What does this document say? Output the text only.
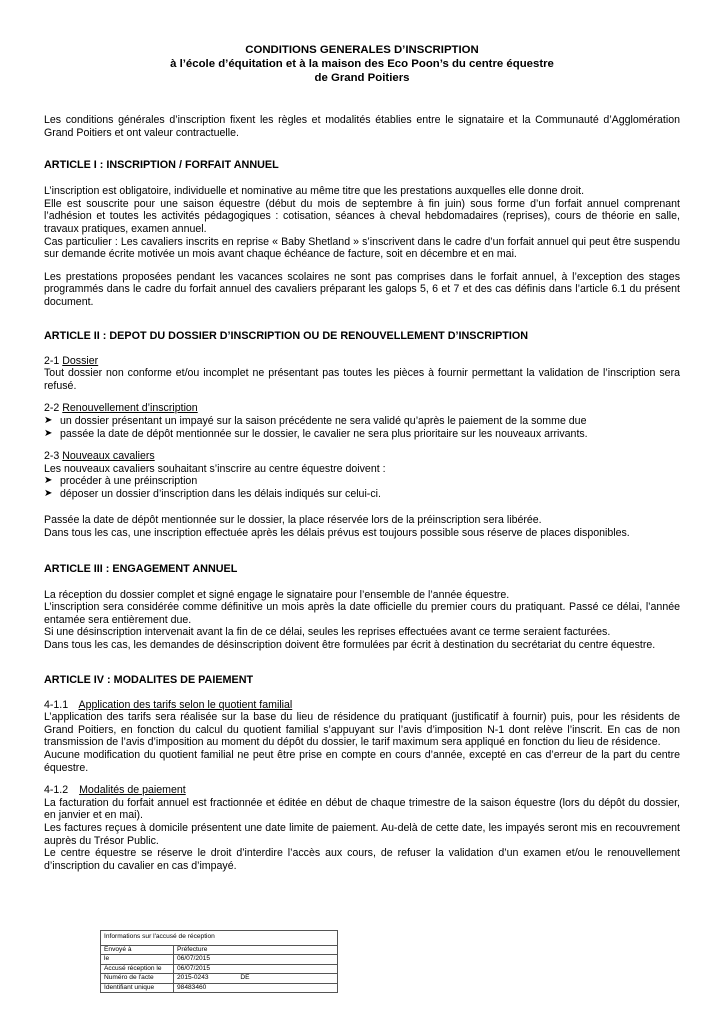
CONDITIONS GENERALES D’INSCRIPTION
à l’école d’équitation et à la maison des Eco Poon’s du centre équestre
de Grand Poitiers

Les conditions générales d’inscription fixent les règles et modalités établies entre le signataire et la Communauté d’Agglomération Grand Poitiers et ont valeur contractuelle.

ARTICLE I : INSCRIPTION / FORFAIT ANNUEL

L’inscription est obligatoire, individuelle et nominative au même titre que les prestations auxquelles elle donne droit.

Elle est souscrite pour une saison équestre (début du mois de septembre à fin juin) sous forme d’un forfait annuel comprenant l’adhésion et toutes les activités pédagogiques : cotisation, séances à cheval hebdomadaires (reprises), cours de théorie en salle, travaux pratiques, examen annuel.

Cas particulier : Les cavaliers inscrits en reprise « Baby Shetland » s’inscrivent dans le cadre d’un forfait annuel qui peut être suspendu sur demande écrite motivée un mois avant chaque échéance de facture, soit en décembre et en mai.

Les prestations proposées pendant les vacances scolaires ne sont pas comprises dans le forfait annuel, à l’exception des stages programmés dans le cadre du forfait annuel des cavaliers préparant les galops 5, 6 et 7 et des cas définis dans l’article 6.1 du présent document.

ARTICLE II : DEPOT DU DOSSIER D’INSCRIPTION OU DE RENOUVELLEMENT D’INSCRIPTION
2-1 Dossier

Tout dossier non conforme et/ou incomplet ne présentant pas toutes les pièces à fournir permettant la validation de l’inscription sera refusé.

2-2 Renouvellement d’inscription
➤ un dossier présentant un impayé sur la saison précédente ne sera validé qu’après le paiement de la somme due
➤ passée la date de dépôt mentionnée sur le dossier, le cavalier ne sera plus prioritaire sur les nouveaux arrivants.
2-3 Nouveaux cavaliers

Les nouveaux cavaliers souhaitant s’inscrire au centre équestre doivent :

➤ procéder à une préinscription
➤ déposer un dossier d’inscription dans les délais indiqués sur celui-ci.

Passée la date de dépôt mentionnée sur le dossier, la place réservée lors de la préinscription sera libérée.

Dans tous les cas, une inscription effectuée après les délais prévus est toujours possible sous réserve de places disponibles.

ARTICLE III : ENGAGEMENT ANNUEL

La réception du dossier complet et signé engage le signataire pour l’ensemble de l’année équestre.

L’inscription sera considérée comme définitive un mois après la date officielle du premier cours du pratiquant. Passé ce délai, l’année entamée sera entièrement due.

Si une désinscription intervenait avant la fin de ce délai, seules les reprises effectuées avant ce terme seraient facturées.

Dans tous les cas, les demandes de désinscription doivent être formulées par écrit à destination du secrétariat du centre équestre.

ARTICLE IV : MODALITES DE PAIEMENT
4-1.1 Application des tarifs selon le quotient familial

L’application des tarifs sera réalisée sur la base du lieu de résidence du pratiquant (justificatif à fournir) puis, pour les résidents de Grand Poitiers, en fonction du calcul du quotient familial s’appuyant sur l’avis d’imposition N-1 dont relève l’inscrit. En cas de non transmission de l’avis d’imposition au moment du dépôt du dossier, le tarif maximum sera appliqué en fonction du lieu de résidence.

Aucune modification du quotient familial ne peut être prise en compte en cours d’année, excepté en cas d’erreur de la part du centre équestre.

4-1.2 Modalités de paiement

La facturation du forfait annuel est fractionnée et éditée en début de chaque trimestre de la saison équestre (lors du dépôt du dossier, en janvier et en mai).

Les factures reçues à domicile présentent une date limite de paiement. Au-delà de cette date, les impayés seront mis en recouvrement auprès du Trésor Public.

Le centre équestre se réserve le droit d’interdire l’accès aux cours, de refuser la validation d’un examen et/ou le renouvellement d’inscription du cavalier en cas d’impayé.

Informations sur l'accusé de réception	
Envoyé à	Préfecture
le	06/07/2015
Accusé réception le	06/07/2015
Numéro de l'acte	2015-0243 DE
Identifiant unique	98483460
